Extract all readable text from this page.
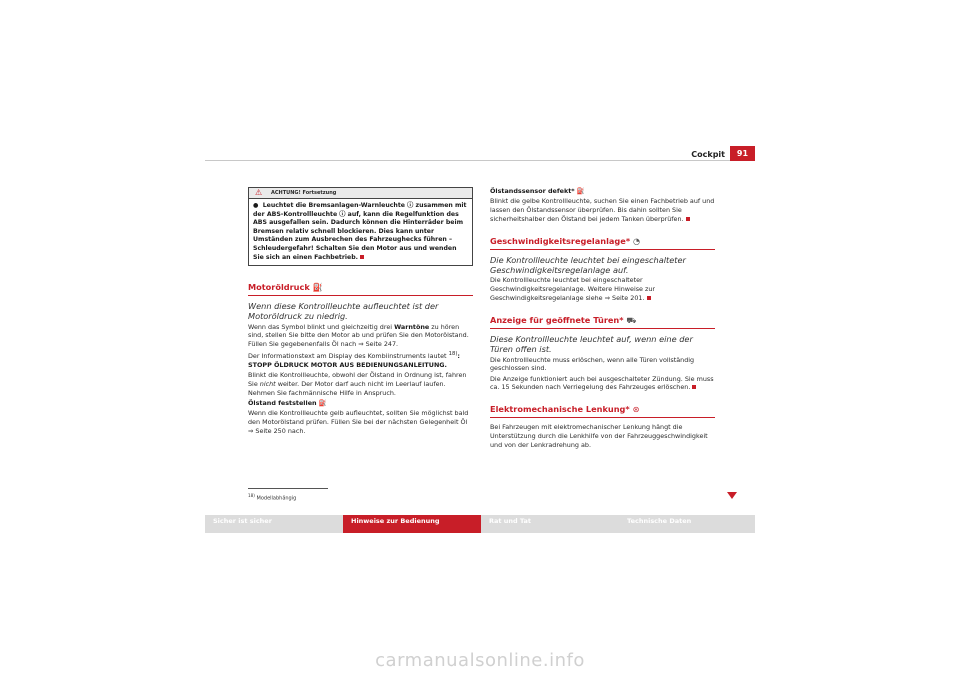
Cockpit	91
⚠ ACHTUNG! Fortsetzung
● Leuchtet die Bremsanlagen-Warnleuchte ⓘ zusammen mit der ABS-Kontrollleuchte ⓘ auf, kann die Regelfunktion des ABS ausgefallen sein. Dadurch können die Hinterräder beim Bremsen relativ schnell blockieren. Dies kann unter Umständen zum Ausbrechen des Fahrzeughecks führen – Schleudergefahr! Schalten Sie den Motor aus und wenden Sie sich an einen Fachbetrieb.
Motoröldruck ⛽

Wenn diese Kontrollleuchte aufleuchtet ist der Motoröldruck zu niedrig.

Wenn das Symbol blinkt und gleichzeitig drei Warntöne zu hören sind, stellen Sie bitte den Motor ab und prüfen Sie den Motorölstand. Füllen Sie gegebenenfalls Öl nach ⇒ Seite 247.

Der Informationstext am Display des Kombiinstruments lautet $^{18)}$: STOPP ÖLDRUCK MOTOR AUS BEDIENUNGSANLEITUNG.

Blinkt die Kontrollleuchte, obwohl der Ölstand in Ordnung ist, fahren Sie nicht weiter. Der Motor darf auch nicht im Leerlauf laufen. Nehmen Sie fachmännische Hilfe in Anspruch.

Ölstand feststellen ⛽

Wenn die Kontrollleuchte gelb aufleuchtet, sollten Sie möglichst bald den Motorölstand prüfen. Füllen Sie bei der nächsten Gelegenheit Öl ⇒ Seite 250 nach.

$^{18)}$ Modellabhängig

Ölstandssensor defekt* ⛽

Blinkt die gelbe Kontrollleuchte, suchen Sie einen Fachbetrieb auf und lassen den Ölstandssensor überprüfen. Bis dahin sollten Sie sicherheitshalber den Ölstand bei jedem Tanken überprüfen.

Geschwindigkeitsregelanlage* ◔

Die Kontrollleuchte leuchtet bei eingeschalteter Geschwindigkeitsregelanlage auf.

Die Kontrollleuchte leuchtet bei eingeschalteter Geschwindigkeitsregelanlage. Weitere Hinweise zur Geschwindigkeitsregelanlage siehe ⇒ Seite 201.

Anzeige für geöffnete Türen* ⛟

Diese Kontrollleuchte leuchtet auf, wenn eine der Türen offen ist.

Die Kontrollleuchte muss erlöschen, wenn alle Türen vollständig geschlossen sind.

Die Anzeige funktioniert auch bei ausgeschalteter Zündung. Sie muss ca. 15 Sekunden nach Verriegelung des Fahrzeuges erlöschen.

Elektromechanische Lenkung* ⊛

Bei Fahrzeugen mit elektromechanischer Lenkung hängt die Unterstützung durch die Lenkhilfe von der Fahrzeuggeschwindigkeit und von der Lenkradrehung ab.

Sicher ist sicher	Hinweise zur Bedienung	Rat und Tat	Technische Daten
carmanualsonline.info
